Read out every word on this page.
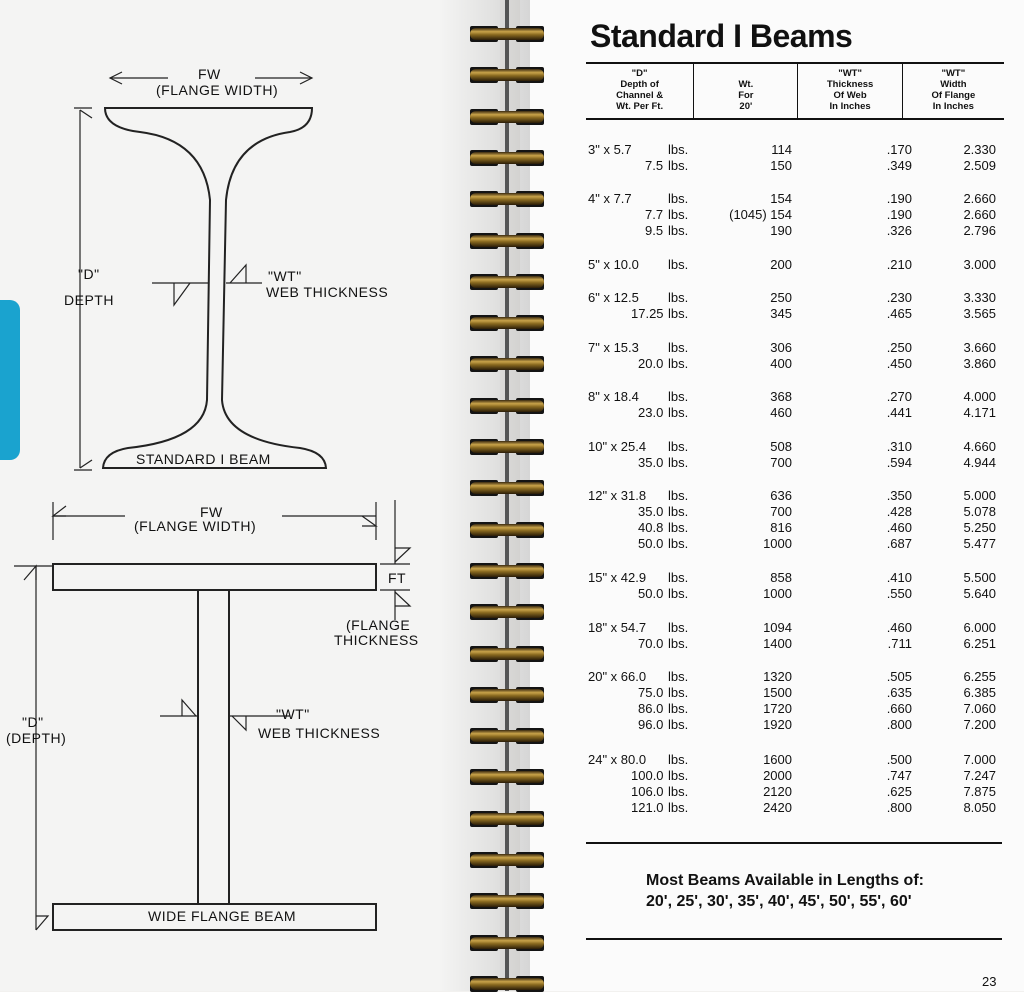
FW
(FLANGE WIDTH)
"D"
DEPTH
"WT"
WEB THICKNESS
STANDARD I BEAM
FW
(FLANGE WIDTH)
FT
(FLANGE
THICKNESS
"D"
(DEPTH)
"WT"
WEB THICKNESS
WIDE FLANGE BEAM
Standard I Beams
"D"
Depth of
Channel &
Wt. Per Ft.

Wt.
For
20'
"WT"
Thickness
Of Web
In Inches
"WT"
Width
Of Flange
In Inches
3" x 5.7	lbs.	114	.170	2.330
7.5 lbs.	150	.349	2.509
4" x 7.7	lbs.	154	.190	2.660
7.7 lbs.	(1045) 154	.190	2.660
9.5 lbs.	190	.326	2.796
5" x 10.0 lbs.	200	.210	3.000
6" x 12.5 lbs.	250	.230	3.330
17.25 lbs.	345	.465	3.565
7" x 15.3 lbs.	306	.250	3.660
20.0 lbs.	400	.450	3.860
8" x 18.4 lbs.	368	.270	4.000
23.0 lbs.	460	.441	4.171
10" x 25.4 lbs.	508	.310	4.660
35.0 lbs.	700	.594	4.944
12" x 31.8 lbs.	636	.350	5.000
35.0 lbs.	700	.428	5.078
40.8 lbs.	816	.460	5.250
50.0 lbs.	1000	.687	5.477
15" x 42.9 lbs.	858	.410	5.500
50.0 lbs.	1000	.550	5.640
18" x 54.7 lbs.	1094	.460	6.000
70.0 lbs.	1400	.711	6.251
20" x 66.0 lbs.	1320	.505	6.255
75.0 lbs.	1500	.635	6.385
86.0 lbs.	1720	.660	7.060
96.0 lbs.	1920	.800	7.200
24" x 80.0 lbs.	1600	.500	7.000
100.0 lbs.	2000	.747	7.247
106.0 lbs.	2120	.625	7.875
121.0 lbs.	2420	.800	8.050
Most Beams Available in Lengths of:
20', 25', 30', 35', 40', 45', 50', 55', 60'
23
